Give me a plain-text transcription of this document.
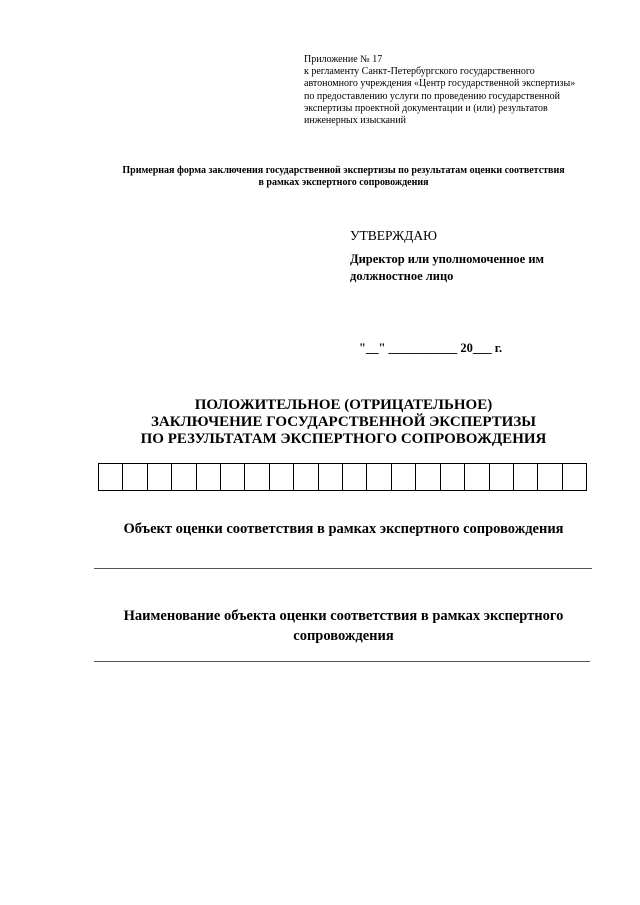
Приложение № 17
к регламенту Санкт-Петербургского государственного
автономного учреждения «Центр государственной экспертизы»
по предоставлению услуги по проведению государственной
экспертизы проектной документации и (или) результатов
инженерных изысканий
Примерная форма заключения государственной экспертизы по результатам оценки соответствия
в рамках экспертного сопровождения
УТВЕРЖДАЮ
Директор или уполномоченное им
должностное лицо
"__" ___________ 20___ г.
ПОЛОЖИТЕЛЬНОЕ (ОТРИЦАТЕЛЬНОЕ)
ЗАКЛЮЧЕНИЕ ГОСУДАРСТВЕННОЙ ЭКСПЕРТИЗЫ
ПО РЕЗУЛЬТАТАМ ЭКСПЕРТНОГО СОПРОВОЖДЕНИЯ
Объект оценки соответствия в рамках экспертного сопровождения
Наименование объекта оценки соответствия в рамках экспертного
сопровождения
